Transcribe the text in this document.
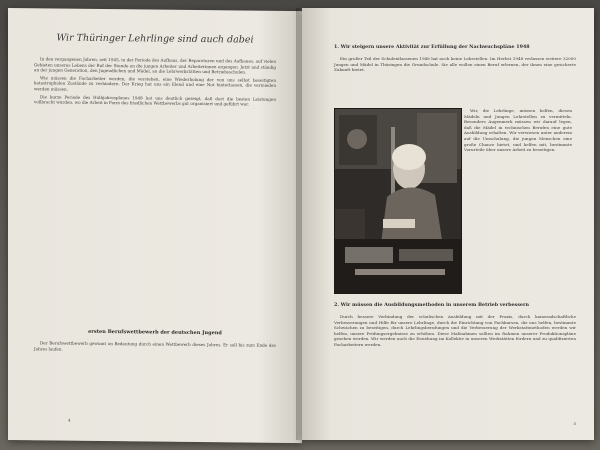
Wir Thüringer Lehrlinge sind auch dabei

In den vergangenen Jahren, seit 1945, in der Periode des Aufbaus, der Reparaturen und des Aufbaues, auf vielen Gebieten unseres Lebens der Ruf der Stunde an die jungen Arbeiter und Arbeiterinnen ergangen. Jetzt und ständig an der jungen Generation, den Jugendlichen und Mädel, an die Lehrwerkstätten und Betriebsschulen.

Wie müssen die Facharbeiter werden, die verstehen, eine Wiederholung der von uns selbst beseitigten katastrophalen Zustände zu verhindern. Der Krieg hat uns ein Elend und eine Not hinterlassen, die vermieden werden müssen.

Die kurze Periode des Halbjahresplanes 1948 hat uns deutlich gezeigt, daß dort die besten Leistungen vollbracht wurden, wo die Arbeit in Form des friedlichen Wettbewerbs gut organisiert und geführt war.

ersten Berufswettbewerb der deutschen Jugend

Der Berufswettbewerb gewinnt an Bedeutung durch einen Wettbewerb dieses Jahres. Er soll bis zum Ende des Jahres laufen.

4
1. Wir steigern unsere Aktivität zur Erfüllung der Nachwuchspläne 1948

Ein großer Teil der Schulentlassenen 1948 hat noch keine Lehrstellen. Im Herbst 1948 verlassen weitere 32000 Jungen und Mädel in Thüringen die Grundschule. Sie alle wollen einen Beruf erlernen, der ihnen eine gesicherte Zukunft bietet.

Wir, die Lehrlinge, müssen helfen, diesen Mädeln und Jungen Lehrstellen zu vermitteln. Besonders Augenmerk müssen wir darauf legen, daß die Mädel in technischen Berufen eine gute Ausbildung erhalten. Wir verwiesen unter anderem auf die Umschulung, die jungen Menschen eine große Chance bietet, und helfen mit, bestimmte Vorurteile über unsere Arbeit zu beseitigen.

2. Wir müssen die Ausbildungsmethoden in unserem Betrieb verbessern

Durch bessere Verbindung der schulischen Ausbildung mit der Praxis, durch kameradschaftliche Verbesserungen und Hilfe für unsere Lehrlinge, durch die Einrichtung von Fachkursen, die uns helfen, bestimmte Schwächen zu beseitigen, durch Lehrlingsberufungen und die Verbesserung der Werkstattmethoden werden wir helfen, unsere Prüfungsergebnisse zu erhöhen. Diese Maßnahmen sollten im Rahmen unserer Produktionspläne gesehen werden. Wir werden auch die Erziehung im Kollektiv in unseren Werkstätten fördern und zu qualifizierten Facharbeitern werden.

5
